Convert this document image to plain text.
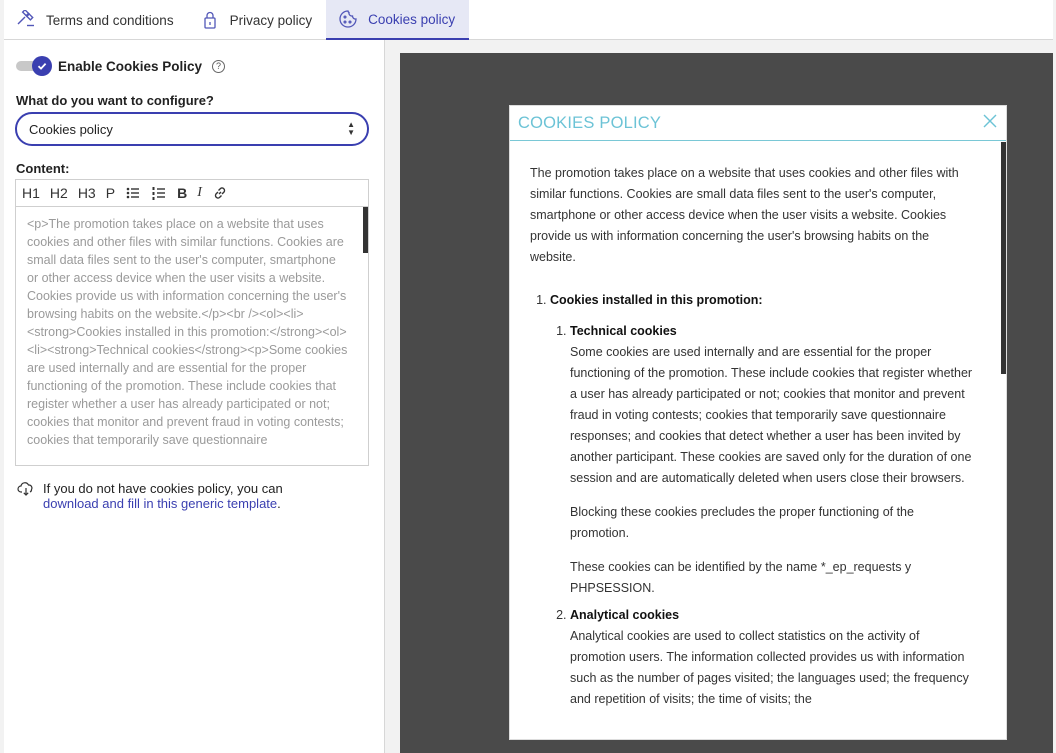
Terms and conditions	Privacy policy	Cookies policy
Enable Cookies Policy	?
What do you want to configure?
Cookies policy	▲
▼
Content:
H1 H2 H3 P	B I
<p>The promotion takes place on a website that uses cookies and other files with similar functions. Cookies are small data files sent to the user's computer, smartphone or other access device when the user visits a website. Cookies provide us with information concerning the user's browsing habits on the website.</p><br /><ol><li><strong>Cookies installed in this promotion:</strong><ol><li><strong>Technical cookies</strong><p>Some cookies are used internally and are essential for the proper functioning of the promotion. These include cookies that register whether a user has already participated or not; cookies that monitor and prevent fraud in voting contests; cookies that temporarily save questionnaire
If you do not have cookies policy, you can
download and fill in this generic template.
COOKIES POLICY

The promotion takes place on a website that uses cookies and other files with similar functions. Cookies are small data files sent to the user's computer, smartphone or other access device when the user visits a website. Cookies provide us with information concerning the user's browsing habits on the website.

1. Cookies installed in this promotion:
1. Technical cookies

Some cookies are used internally and are essential for the proper functioning of the promotion. These include cookies that register whether a user has already participated or not; cookies that monitor and prevent fraud in voting contests; cookies that temporarily save questionnaire responses; and cookies that detect whether a user has been invited by another participant. These cookies are saved only for the duration of one session and are automatically deleted when users close their browsers.

Blocking these cookies precludes the proper functioning of the promotion.

These cookies can be identified by the name *_ep_requests y PHPSESSION.

2. Analytical cookies

Analytical cookies are used to collect statistics on the activity of promotion users. The information collected provides us with information such as the number of pages visited; the languages used; the frequency and repetition of visits; the time of visits; the
